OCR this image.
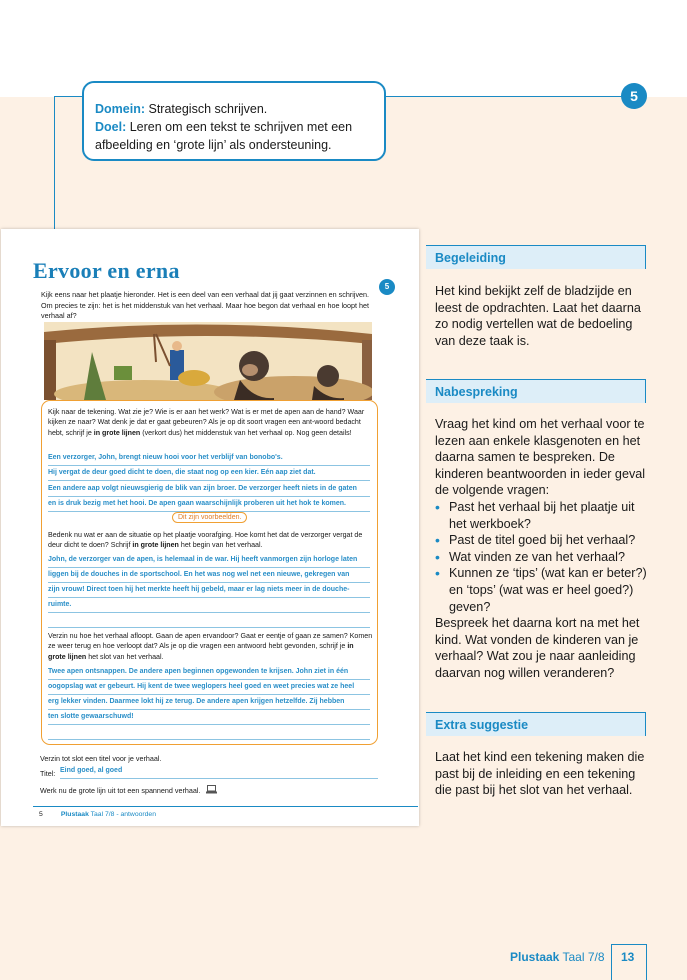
Domein: Strategisch schrijven.
Doel: Leren om een tekst te schrijven met een afbeelding en ‘grote lijn’ als ondersteuning.
5
Ervoor en erna
5
Kijk eens naar het plaatje hieronder. Het is een deel van een verhaal dat jij gaat verzinnen en schrijven. Om precies te zijn: het is het middenstuk van het verhaal. Maar hoe begon dat verhaal en hoe loopt het verhaal af?
Kijk naar de tekening. Wat zie je? Wie is er aan het werk? Wat is er met de apen aan de hand? Waar kijken ze naar? Wat denk je dat er gaat gebeuren? Als je op dit soort vragen een ant-woord bedacht hebt, schrijf je in grote lijnen (verkort dus) het middenstuk van het verhaal op. Nog geen details!
Een verzorger, John, brengt nieuw hooi voor het verblijf van bonobo's.
Hij vergat de deur goed dicht te doen, die staat nog op een kier. Eén aap ziet dat.
Een andere aap volgt nieuwsgierig de blik van zijn broer. De verzorger heeft niets in de gaten
en is druk bezig met het hooi. De apen gaan waarschijnlijk proberen uit het hok te komen.
Dit zijn voorbeelden.
Bedenk nu wat er aan de situatie op het plaatje voorafging. Hoe komt het dat de verzorger vergat de deur dicht te doen? Schrijf in grote lijnen het begin van het verhaal.
John, de verzorger van de apen, is helemaal in de war. Hij heeft vanmorgen zijn horloge laten
liggen bij de douches in de sportschool. En het was nog wel net een nieuwe, gekregen van
zijn vrouw! Direct toen hij het merkte heeft hij gebeld, maar er lag niets meer in de douche-
ruimte.
Verzin nu hoe het verhaal afloopt. Gaan de apen ervandoor? Gaat er eentje of gaan ze samen? Komen ze weer terug en hoe verloopt dat? Als je op die vragen een antwoord hebt gevonden, schrijf je in grote lijnen het slot van het verhaal.
Twee apen ontsnappen. De andere apen beginnen opgewonden te krijsen. John ziet in één
oogopslag wat er gebeurt. Hij kent de twee weglopers heel goed en weet precies wat ze heel
erg lekker vinden. Daarmee lokt hij ze terug. De andere apen krijgen hetzelfde. Zij hebben
ten slotte gewaarschuwd!
Verzin tot slot een titel voor je verhaal.
Titel: Eind goed, al goed
Werk nu de grote lijn uit tot een spannend verhaal.
5	Plustaak Taal 7/8 - antwoorden
Begeleiding
Het kind bekijkt zelf de bladzijde en leest de opdrachten. Laat het daarna zo nodig vertellen wat de bedoeling van deze taak is.
Nabespreking
Vraag het kind om het verhaal voor te lezen aan enkele klasgenoten en het daarna samen te bespreken. De kinderen beantwoorden in ieder geval de volgende vragen:
• Past het verhaal bij het plaatje uit het werkboek?
• Past de titel goed bij het verhaal?
• Wat vinden ze van het verhaal?
• Kunnen ze ‘tips’ (wat kan er beter?) en ‘tops’ (wat was er heel goed?) geven?
Bespreek het daarna kort na met het kind. Wat vonden de kinderen van je verhaal? Wat zou je naar aanleiding daarvan nog willen veranderen?
Extra suggestie
Laat het kind een tekening maken die past bij de inleiding en een tekening die past bij het slot van het verhaal.
Plustaak Taal 7/8 13
